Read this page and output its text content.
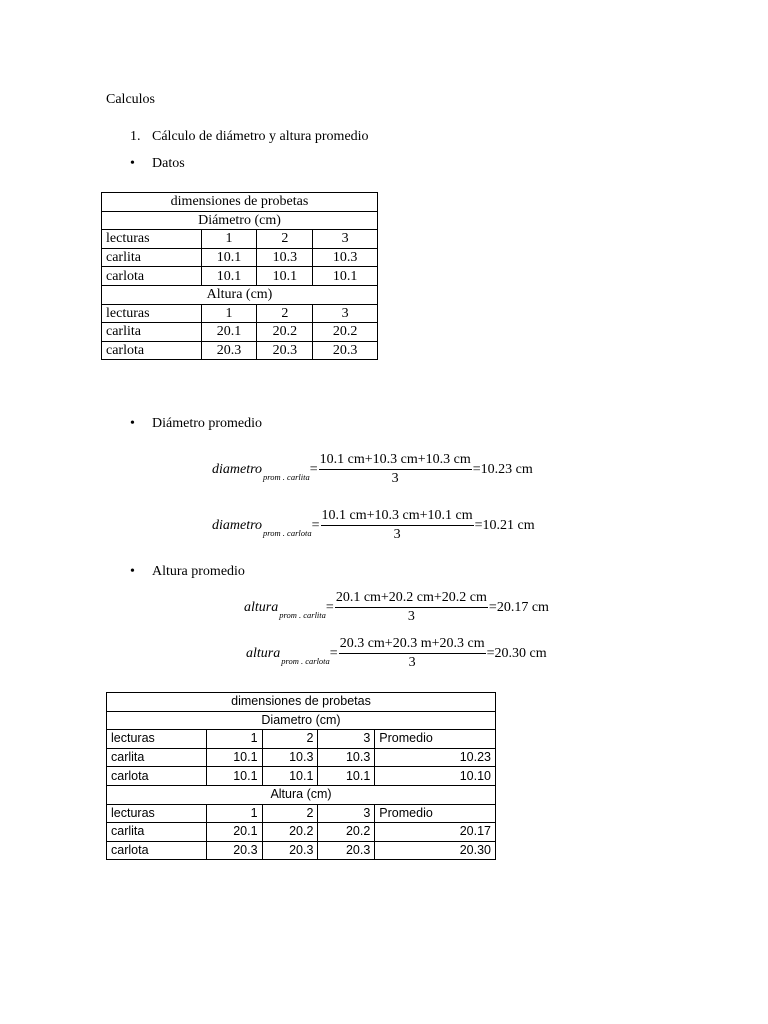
Calculos
1. Cálculo de diámetro y altura promedio
• Datos
dimensiones de probetas			
Diámetro (cm)			
lecturas	1	2	3
carlita	10.1	10.3	10.3
carlota	10.1	10.1	10.1
Altura (cm)			
lecturas	1	2	3
carlita	20.1	20.2	20.2
carlota	20.3	20.3	20.3
• Diámetro promedio
diametro prom . carlita = $\frac{10.1 cm+10.3 cm+10.3 cm}{3} =10.23$ cm
diametro prom . carlota = $\frac{10.1 cm+10.3 cm+10.1 cm}{3} =10.21$ cm
• Altura promedio
altura prom . carlita = $\frac{20.1 cm+20.2 cm+20.2 cm}{3} =20.17$ cm
altura prom . carlota = $\frac{20.3 cm+20.3 m+20.3 cm}{3} =20.30$ cm
dimensiones de probetas				
Diametro (cm)				
lecturas	1	2	3	Promedio
carlita	10.1	10.3	10.3	10.23
carlota	10.1	10.1	10.1	10.10
Altura (cm)				
lecturas	1	2	3	Promedio
carlita	20.1	20.2	20.2	20.17
carlota	20.3	20.3	20.3	20.30
